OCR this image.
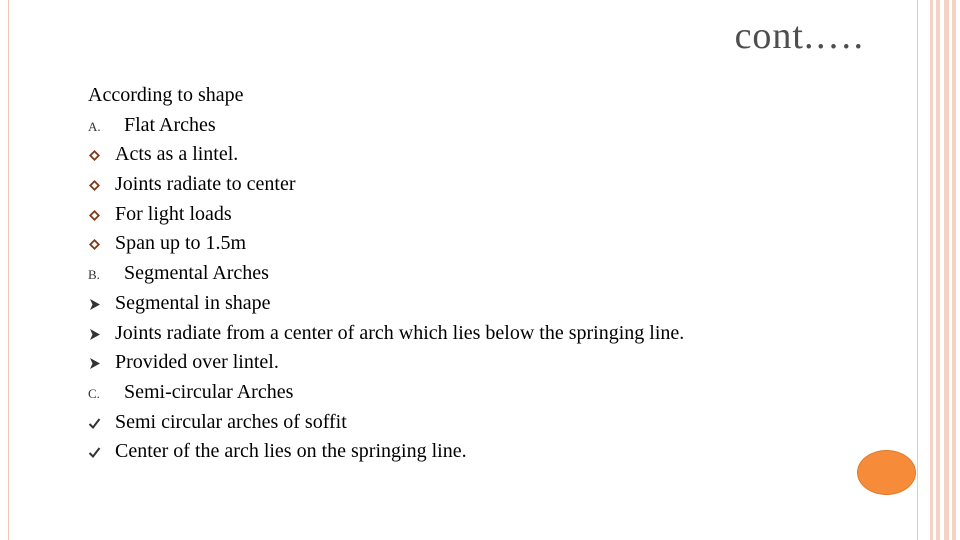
cont.….
According to shape
A.	Flat Arches
Acts as a lintel.
Joints radiate to center
For light loads
Span up to 1.5m
B.	Segmental Arches
Segmental in shape
Joints radiate from a center of arch which lies below the springing line.
Provided over lintel.
C.	Semi-circular Arches
Semi circular arches of soffit
Center of the arch lies on the springing line.
